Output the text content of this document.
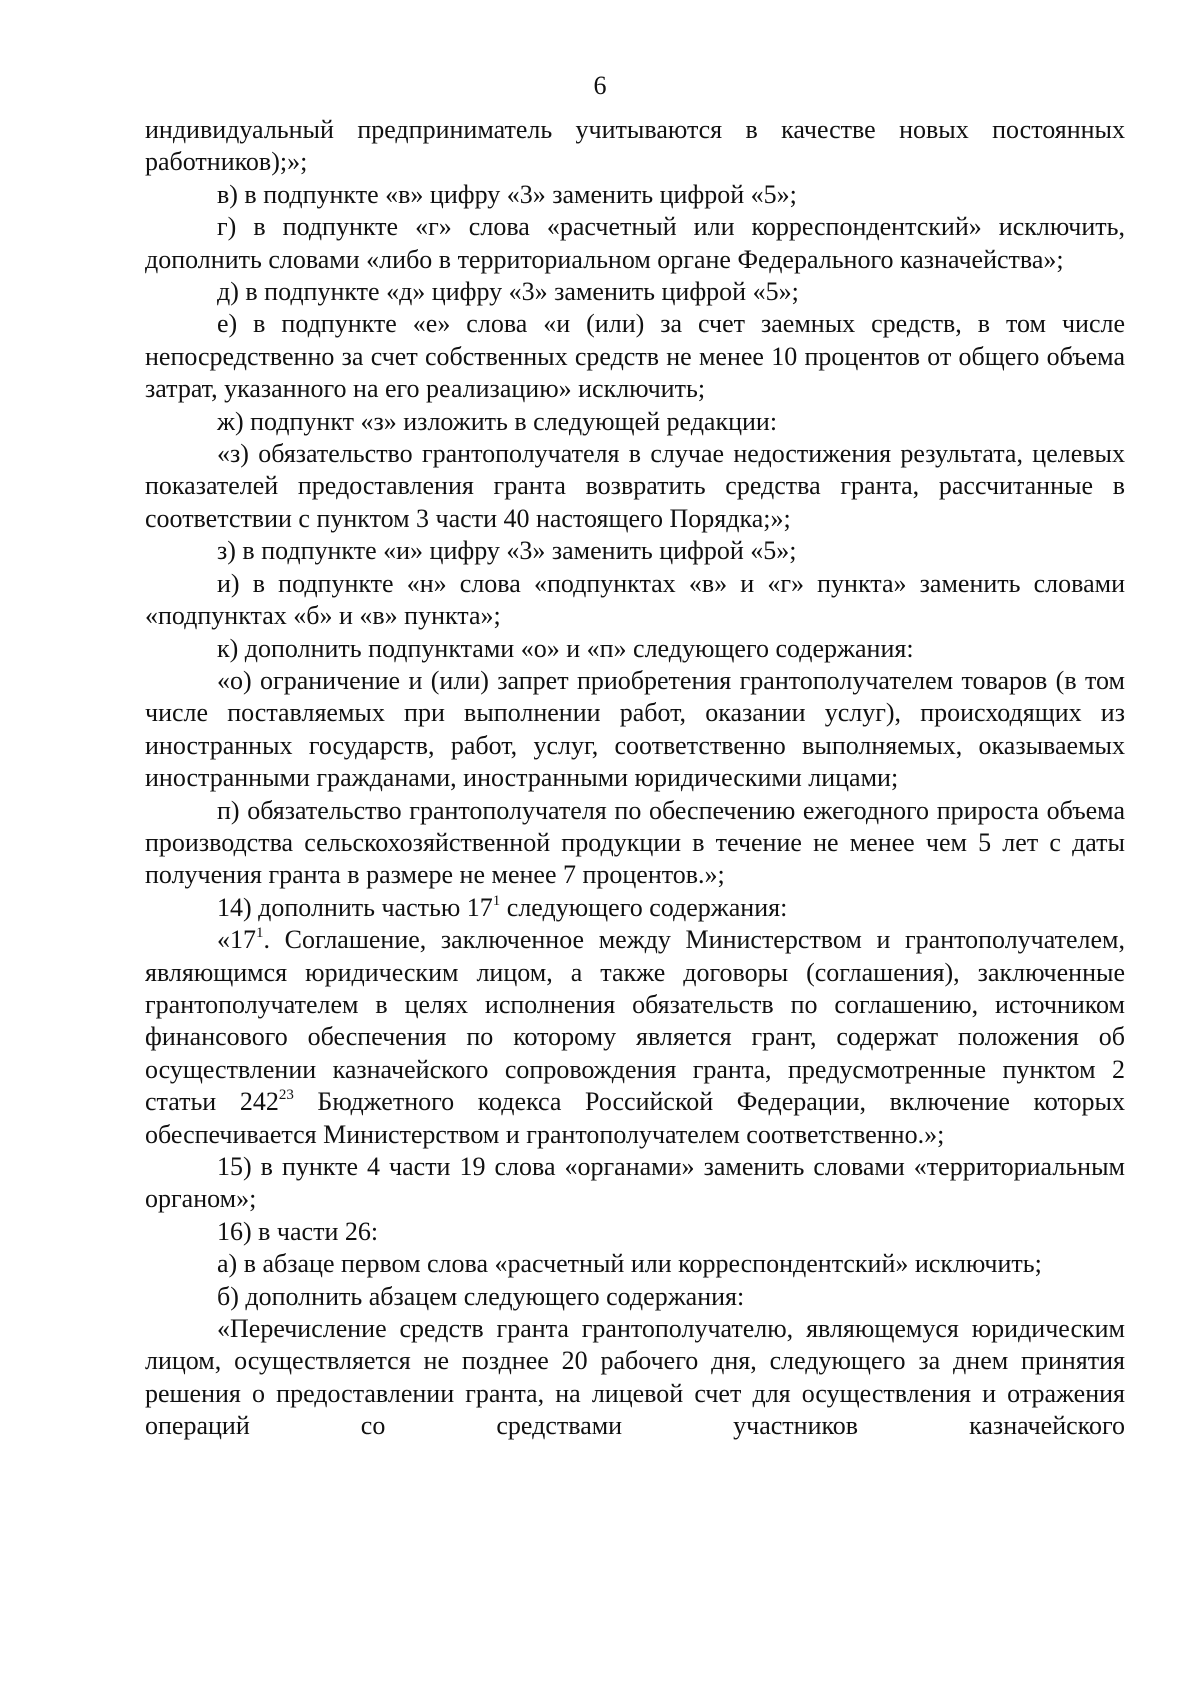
6

индивидуальный предприниматель учитываются в качестве новых постоянных работников);»;

в) в подпункте «в» цифру «3» заменить цифрой «5»;

г) в подпункте «г» слова «расчетный или корреспондентский» исключить, дополнить словами «либо в территориальном органе Федерального казначейства»;

д) в подпункте «д» цифру «3» заменить цифрой «5»;

е) в подпункте «е» слова «и (или) за счет заемных средств, в том числе непосредственно за счет собственных средств не менее 10 процентов от общего объема затрат, указанного на его реализацию» исключить;

ж) подпункт «з» изложить в следующей редакции:

«з) обязательство грантополучателя в случае недостижения результата, целевых показателей предоставления гранта возвратить средства гранта, рассчитанные в соответствии с пунктом 3 части 40 настоящего Порядка;»;

з) в подпункте «и» цифру «3» заменить цифрой «5»;

и) в подпункте «н» слова «подпунктах «в» и «г» пункта» заменить словами «подпунктах «б» и «в» пункта»;

к) дополнить подпунктами «о» и «п» следующего содержания:

«о) ограничение и (или) запрет приобретения грантополучателем товаров (в том числе поставляемых при выполнении работ, оказании услуг), происходящих из иностранных государств, работ, услуг, соответственно выполняемых, оказываемых иностранными гражданами, иностранными юридическими лицами;

п) обязательство грантополучателя по обеспечению ежегодного прироста объема производства сельскохозяйственной продукции в течение не менее чем 5 лет с даты получения гранта в размере не менее 7 процентов.»;

14) дополнить частью $17^1$ следующего содержания:

«$17^1$. Соглашение, заключенное между Министерством и грантополучателем, являющимся юридическим лицом, а также договоры (соглашения), заключенные грантополучателем в целях исполнения обязательств по соглашению, источником финансового обеспечения по которому является грант, содержат положения об осуществлении казначейского сопровождения гранта, предусмотренные пунктом 2 статьи $242^{23}$ Бюджетного кодекса Российской Федерации, включение которых обеспечивается Министерством и грантополучателем соответственно.»;

15) в пункте 4 части 19 слова «органами» заменить словами «территориальным органом»;

16) в части 26:

а) в абзаце первом слова «расчетный или корреспондентский» исключить;

б) дополнить абзацем следующего содержания:

«Перечисление средств гранта грантополучателю, являющемуся юридическим лицом, осуществляется не позднее 20 рабочего дня, следующего за днем принятия решения о предоставлении гранта, на лицевой счет для осуществления и отражения операций со средствами участников казначейского
